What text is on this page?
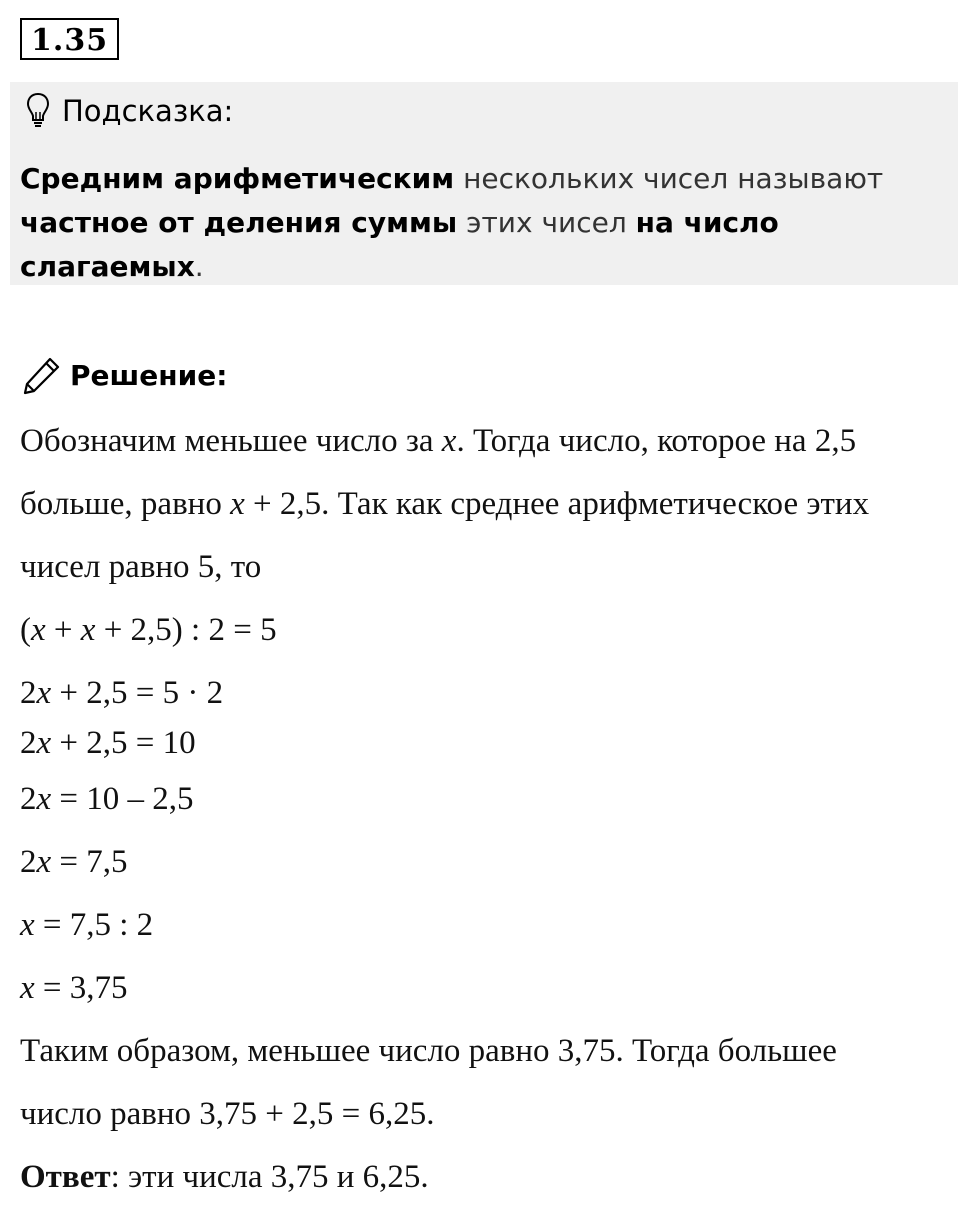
1.35
Подсказка:
Средним арифметическим нескольких чисел называют
частное от деления суммы этих чисел на число слагаемых.
Решение:
Обозначим меньшее число за x. Тогда число, которое на 2,5
больше, равно x + 2,5. Так как среднее арифметическое этих
чисел равно 5, то
(x + x + 2,5) : 2 = 5
2x + 2,5 = 5 · 2
2x + 2,5 = 10
2x = 10 – 2,5
2x = 7,5
x = 7,5 : 2
x = 3,75
Таким образом, меньшее число равно 3,75. Тогда большее
число равно 3,75 + 2,5 = 6,25.
Ответ: эти числа 3,75 и 6,25.
